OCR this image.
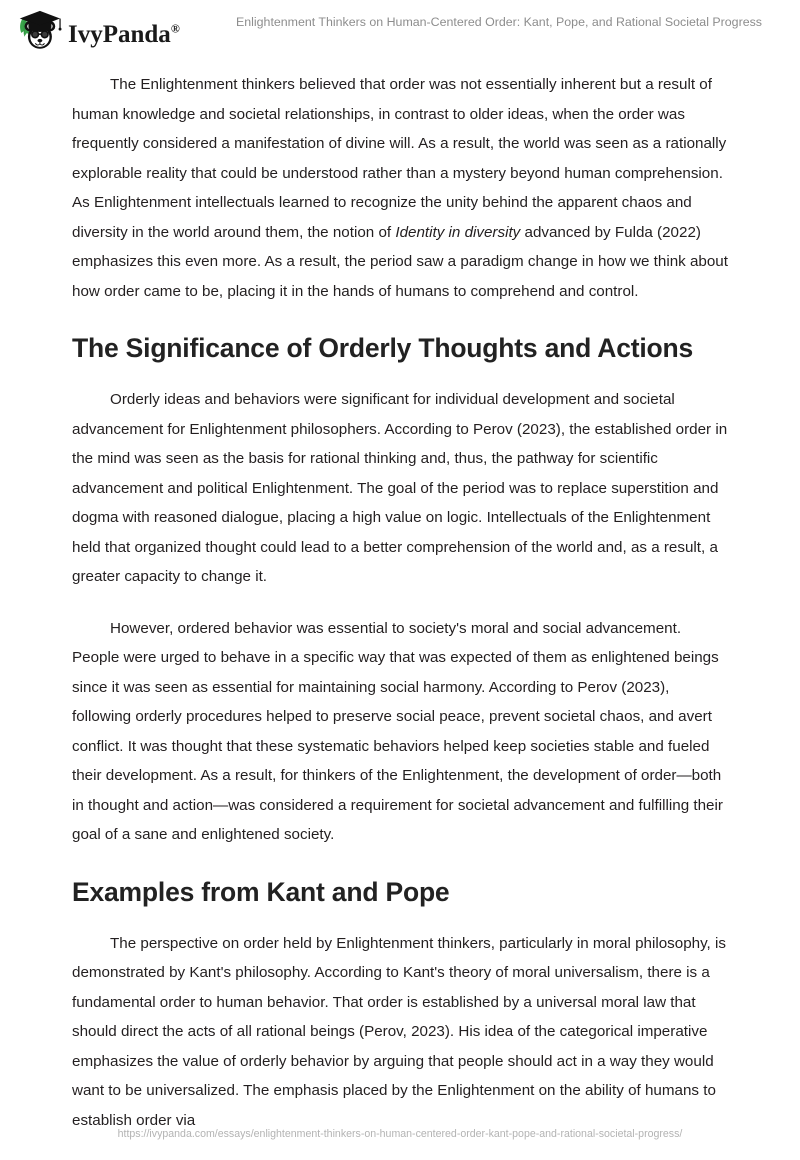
IvyPanda®	Enlightenment Thinkers on Human-Centered Order: Kant, Pope, and Rational Societal Progress

The Enlightenment thinkers believed that order was not essentially inherent but a result of human knowledge and societal relationships, in contrast to older ideas, when the order was frequently considered a manifestation of divine will. As a result, the world was seen as a rationally explorable reality that could be understood rather than a mystery beyond human comprehension. As Enlightenment intellectuals learned to recognize the unity behind the apparent chaos and diversity in the world around them, the notion of Identity in diversity advanced by Fulda (2022) emphasizes this even more. As a result, the period saw a paradigm change in how we think about how order came to be, placing it in the hands of humans to comprehend and control.

The Significance of Orderly Thoughts and Actions

Orderly ideas and behaviors were significant for individual development and societal advancement for Enlightenment philosophers. According to Perov (2023), the established order in the mind was seen as the basis for rational thinking and, thus, the pathway for scientific advancement and political Enlightenment. The goal of the period was to replace superstition and dogma with reasoned dialogue, placing a high value on logic. Intellectuals of the Enlightenment held that organized thought could lead to a better comprehension of the world and, as a result, a greater capacity to change it.

However, ordered behavior was essential to society's moral and social advancement. People were urged to behave in a specific way that was expected of them as enlightened beings since it was seen as essential for maintaining social harmony. According to Perov (2023), following orderly procedures helped to preserve social peace, prevent societal chaos, and avert conflict. It was thought that these systematic behaviors helped keep societies stable and fueled their development. As a result, for thinkers of the Enlightenment, the development of order—both in thought and action—was considered a requirement for societal advancement and fulfilling their goal of a sane and enlightened society.

Examples from Kant and Pope

The perspective on order held by Enlightenment thinkers, particularly in moral philosophy, is demonstrated by Kant's philosophy. According to Kant's theory of moral universalism, there is a fundamental order to human behavior. That order is established by a universal moral law that should direct the acts of all rational beings (Perov, 2023). His idea of the categorical imperative emphasizes the value of orderly behavior by arguing that people should act in a way they would want to be universalized. The emphasis placed by the Enlightenment on the ability of humans to establish order via

https://ivypanda.com/essays/enlightenment-thinkers-on-human-centered-order-kant-pope-and-rational-societal-progress/
